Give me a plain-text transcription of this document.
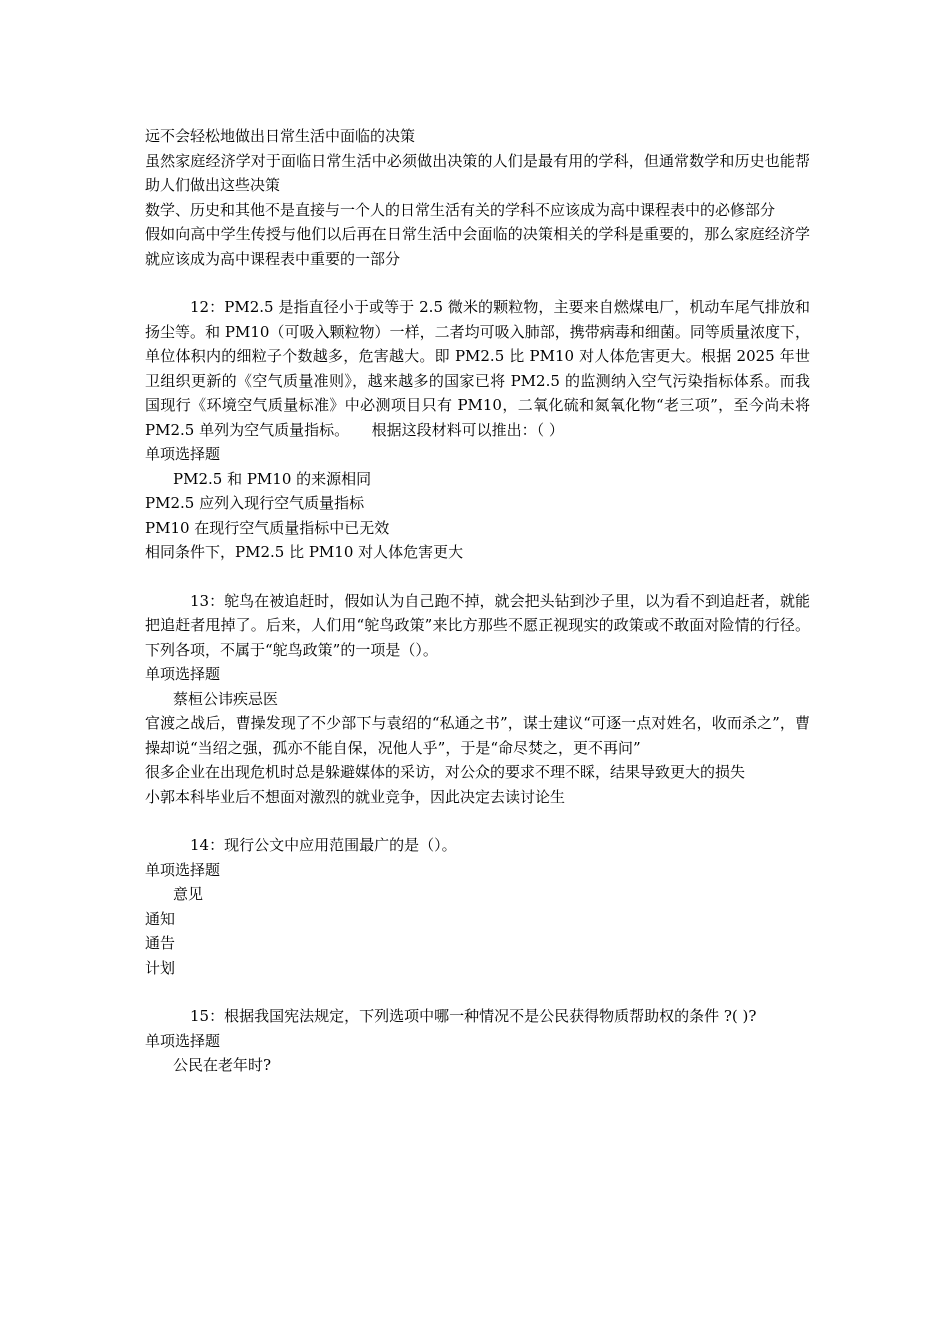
远不会轻松地做出日常生活中面临的决策
虽然家庭经济学对于面临日常生活中必须做出决策的人们是最有用的学科，但通常数学和历史也能帮助人们做出这些决策
数学、历史和其他不是直接与一个人的日常生活有关的学科不应该成为高中课程表中的必修部分
假如向高中学生传授与他们以后再在日常生活中会面临的决策相关的学科是重要的，那么家庭经济学就应该成为高中课程表中重要的一部分
12：PM2.5 是指直径小于或等于 2.5 微米的颗粒物，主要来自燃煤电厂，机动车尾气排放和扬尘等。和 PM10（可吸入颗粒物）一样，二者均可吸入肺部，携带病毒和细菌。同等质量浓度下，单位体积内的细粒子个数越多，危害越大。即 PM2.5 比 PM10 对人体危害更大。根据 2025 年世卫组织更新的《空气质量准则》，越来越多的国家已将 PM2.5 的监测纳入空气污染指标体系。而我国现行《环境空气质量标准》中必测项目只有 PM10，二氧化硫和氮氧化物“老三项”，至今尚未将 PM2.5 单列为空气质量指标。　　根据这段材料可以推出：（ ）
单项选择题
PM2.5 和 PM10 的来源相同
PM2.5 应列入现行空气质量指标
PM10 在现行空气质量指标中已无效
相同条件下，PM2.5 比 PM10 对人体危害更大
13：鸵鸟在被追赶时，假如认为自己跑不掉，就会把头钻到沙子里，以为看不到追赶者，就能把追赶者甩掉了。后来，人们用“鸵鸟政策”来比方那些不愿正视现实的政策或不敢面对险情的行径。下列各项，不属于“鸵鸟政策”的一项是（）。
单项选择题
蔡桓公讳疾忌医
官渡之战后，曹操发现了不少部下与袁绍的“私通之书”，谋士建议“可逐一点对姓名，收而杀之”，曹操却说“当绍之强，孤亦不能自保，况他人乎”，于是“命尽焚之，更不再问”
很多企业在出现危机时总是躲避媒体的采访，对公众的要求不理不睬，结果导致更大的损失
小郭本科毕业后不想面对激烈的就业竞争，因此决定去读讨论生
14：现行公文中应用范围最广的是（）。
单项选择题
意见
通知
通告
计划
15：根据我国宪法规定，下列选项中哪一种情况不是公民获得物质帮助权的条件 ?( )?
单项选择题
公民在老年时?
